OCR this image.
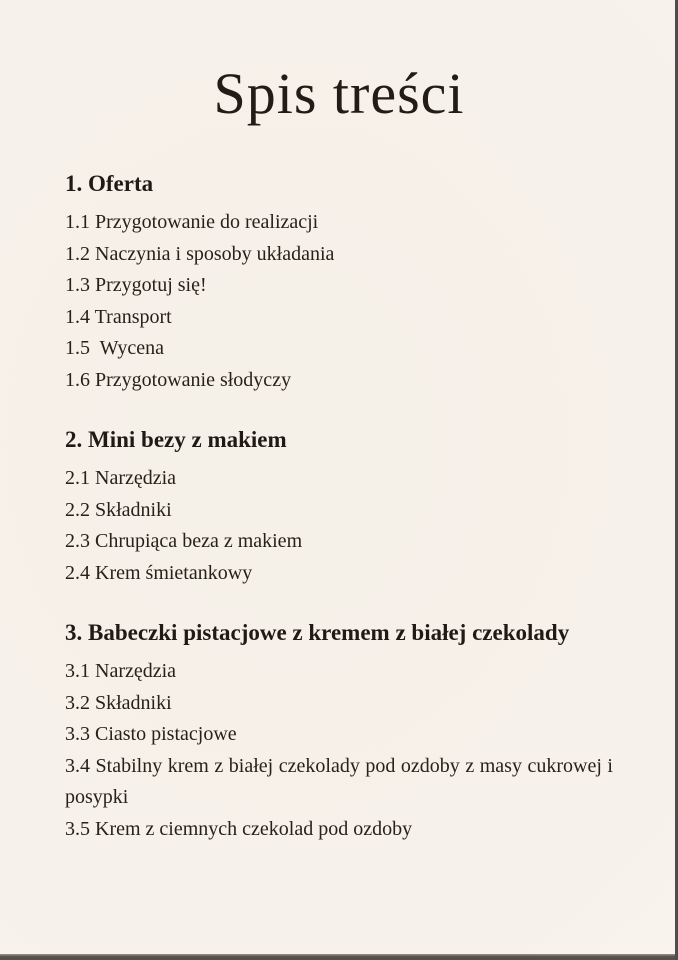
Spis treści
1. Oferta

1.1 Przygotowanie do realizacji

1.2 Naczynia i sposoby układania

1.3 Przygotuj się!

1.4 Transport

1.5  Wycena

1.6 Przygotowanie słodyczy

2. Mini bezy z makiem

2.1 Narzędzia

2.2 Składniki

2.3 Chrupiąca beza z makiem

2.4 Krem śmietankowy

3. Babeczki pistacjowe z kremem z białej czekolady

3.1 Narzędzia

3.2 Składniki

3.3 Ciasto pistacjowe

3.4 Stabilny krem z białej czekolady pod ozdoby z masy cukrowej i posypki

3.5 Krem z ciemnych czekolad pod ozdoby
